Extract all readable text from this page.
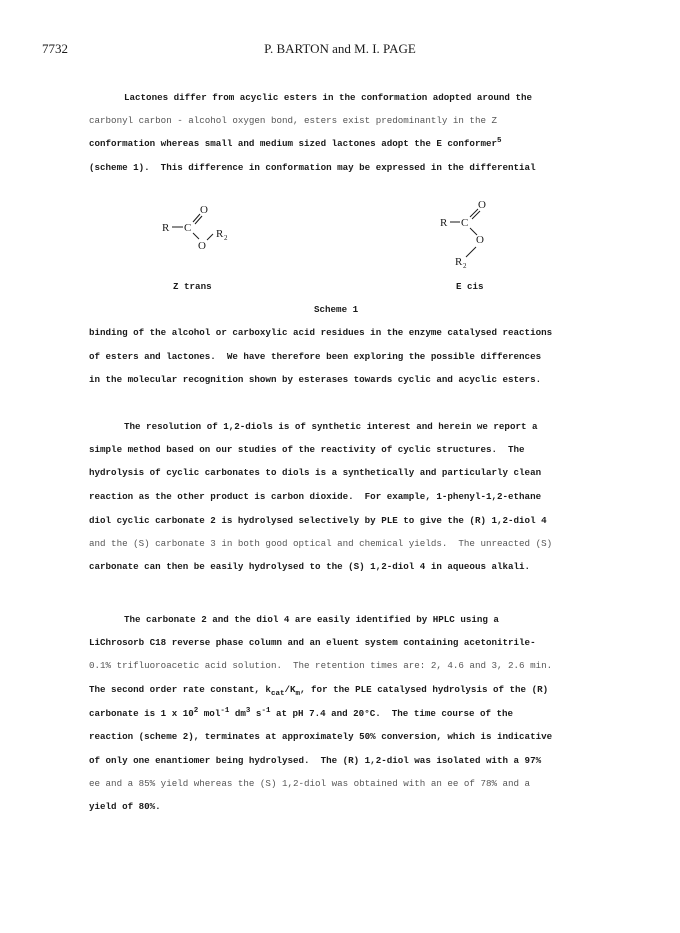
7732	P. BARTON and M. I. PAGE
Lactones differ from acyclic esters in the conformation adopted around the
carbonyl carbon - alcohol oxygen bond, esters exist predominantly in the Z
conformation whereas small and medium sized lactones adopt the E conformer$^5$
(scheme 1).  This difference in conformation may be expressed in the differential
R C
O
O
R 2
R C
O
O
R 2
Z trans	E cis
Scheme 1
binding of the alcohol or carboxylic acid residues in the enzyme catalysed reactions
of esters and lactones.  We have therefore been exploring the possible differences
in the molecular recognition shown by esterases towards cyclic and acyclic esters.
The resolution of 1,2-diols is of synthetic interest and herein we report a
simple method based on our studies of the reactivity of cyclic structures.  The
hydrolysis of cyclic carbonates to diols is a synthetically and particularly clean
reaction as the other product is carbon dioxide.  For example, 1-phenyl-1,2-ethane
diol cyclic carbonate 2 is hydrolysed selectively by PLE to give the (R) 1,2-diol 4
and the (S) carbonate 3 in both good optical and chemical yields.  The unreacted (S)
carbonate can then be easily hydrolysed to the (S) 1,2-diol 4 in aqueous alkali.
The carbonate 2 and the diol 4 are easily identified by HPLC using a
LiChrosorb C18 reverse phase column and an eluent system containing acetonitrile-
0.1% trifluoroacetic acid solution.  The retention times are: 2, 4.6 and 3, 2.6 min.
The second order rate constant, $k_{cat}/K_m$, for the PLE catalysed hydrolysis of the (R)
carbonate is 1 x $10^2$ mol$^{-1}$ $dm^3$ $s^{-1}$ at pH 7.4 and 20°C.  The time course of the
reaction (scheme 2), terminates at approximately 50% conversion, which is indicative
of only one enantiomer being hydrolysed.  The (R) 1,2-diol was isolated with a 97%
ee and a 85% yield whereas the (S) 1,2-diol was obtained with an ee of 78% and a
yield of 80%.
